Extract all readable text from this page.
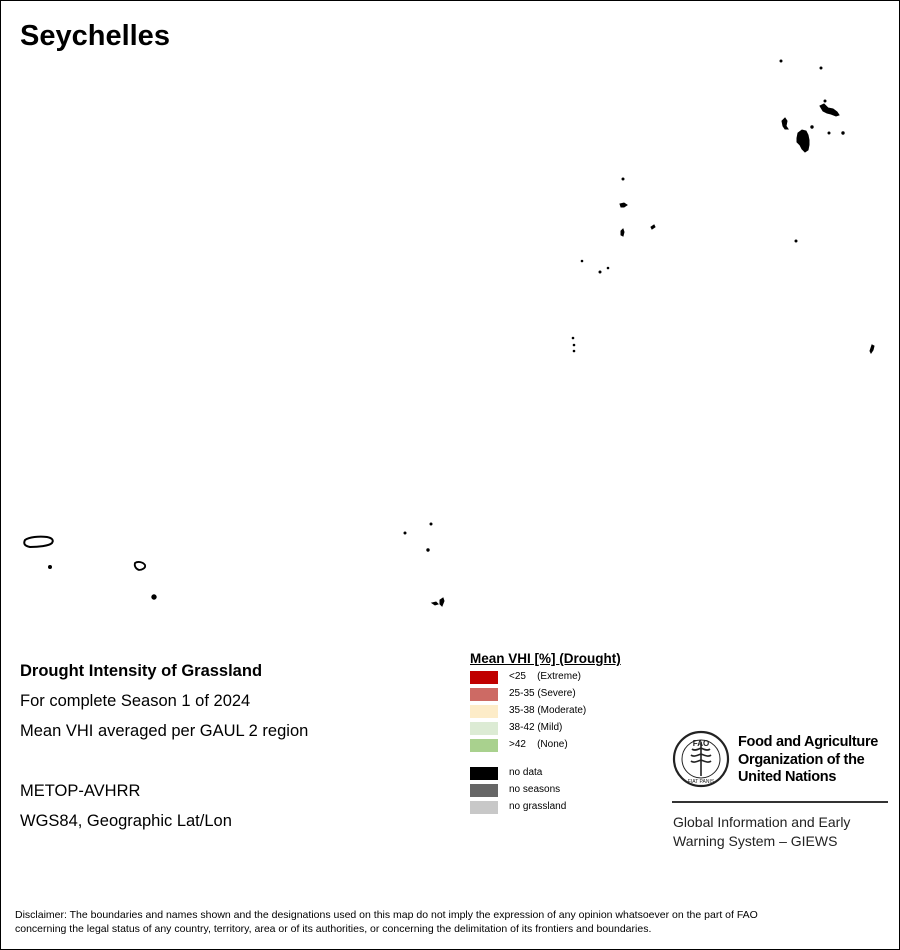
Seychelles
Drought Intensity of Grassland
For complete Season 1 of 2024
Mean VHI averaged per GAUL 2 region
METOP-AVHRR
WGS84, Geographic Lat/Lon
Mean VHI [%] (Drought)
<25    (Extreme)
25-35 (Severe)
35-38 (Moderate)
38-42 (Mild)
>42    (None)
no data
no seasons
no grassland
FAO
FIAT PANIS
Food and Agriculture
Organization of the
United Nations
Global Information and Early
Warning System – GIEWS
Disclaimer: The boundaries and names shown and the designations used on this map do not imply the expression of any opinion whatsoever on the part of FAO
concerning the legal status of any country, territory, area or of its authorities, or concerning the delimitation of its frontiers and boundaries.
